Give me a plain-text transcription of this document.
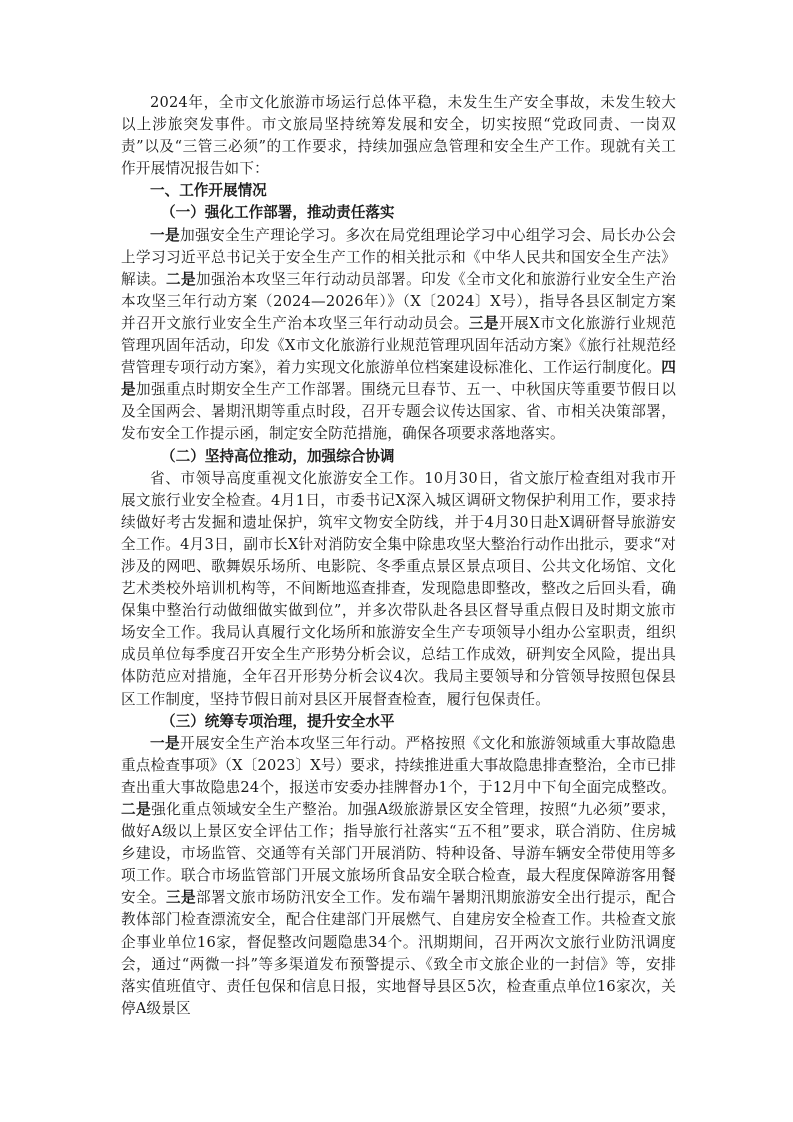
2024年，全市文化旅游市场运行总体平稳，未发生生产安全事故，未发生较大以上涉旅突发事件。市文旅局坚持统筹发展和安全，切实按照“党政同责、一岗双责”以及“三管三必须”的工作要求，持续加强应急管理和安全生产工作。现就有关工作开展情况报告如下：

一、工作开展情况

（一）强化工作部署，推动责任落实

一是加强安全生产理论学习。多次在局党组理论学习中心组学习会、局长办公会上学习习近平总书记关于安全生产工作的相关批示和《中华人民共和国安全生产法》解读。二是加强治本攻坚三年行动动员部署。印发《全市文化和旅游行业安全生产治本攻坚三年行动方案（2024—2026年）》（X〔2024〕X号），指导各县区制定方案并召开文旅行业安全生产治本攻坚三年行动动员会。三是开展X市文化旅游行业规范管理巩固年活动，印发《X市文化旅游行业规范管理巩固年活动方案》《旅行社规范经营管理专项行动方案》，着力实现文化旅游单位档案建设标准化、工作运行制度化。四是加强重点时期安全生产工作部署。围绕元旦春节、五一、中秋国庆等重要节假日以及全国两会、暑期汛期等重点时段，召开专题会议传达国家、省、市相关决策部署，发布安全工作提示函，制定安全防范措施，确保各项要求落地落实。

（二）坚持高位推动，加强综合协调

省、市领导高度重视文化旅游安全工作。10月30日，省文旅厅检查组对我市开展文旅行业安全检查。4月1日，市委书记X深入城区调研文物保护利用工作，要求持续做好考古发掘和遗址保护，筑牢文物安全防线，并于4月30日赴X调研督导旅游安全工作。4月3日，副市长X针对消防安全集中除患攻坚大整治行动作出批示，要求“对涉及的网吧、歌舞娱乐场所、电影院、冬季重点景区景点项目、公共文化场馆、文化艺术类校外培训机构等，不间断地巡查排查，发现隐患即整改，整改之后回头看，确保集中整治行动做细做实做到位”，并多次带队赴各县区督导重点假日及时期文旅市场安全工作。我局认真履行文化场所和旅游安全生产专项领导小组办公室职责，组织成员单位每季度召开安全生产形势分析会议，总结工作成效，研判安全风险，提出具体防范应对措施，全年召开形势分析会议4次。我局主要领导和分管领导按照包保县区工作制度，坚持节假日前对县区开展督查检查，履行包保责任。

（三）统筹专项治理，提升安全水平

一是开展安全生产治本攻坚三年行动。严格按照《文化和旅游领域重大事故隐患重点检查事项》（X〔2023〕X号）要求，持续推进重大事故隐患排查整治，全市已排查出重大事故隐患24个，报送市安委办挂牌督办1个，于12月中下旬全面完成整改。二是强化重点领域安全生产整治。加强A级旅游景区安全管理，按照“九必须”要求，做好A级以上景区安全评估工作；指导旅行社落实“五不租”要求，联合消防、住房城乡建设，市场监管、交通等有关部门开展消防、特种设备、导游车辆安全带使用等多项工作。联合市场监管部门开展文旅场所食品安全联合检查，最大程度保障游客用餐安全。三是部署文旅市场防汛安全工作。发布端午暑期汛期旅游安全出行提示，配合教体部门检查漂流安全，配合住建部门开展燃气、自建房安全检查工作。共检查文旅企事业单位16家，督促整改问题隐患34个。汛期期间，召开两次文旅行业防汛调度会，通过“两微一抖”等多渠道发布预警提示、《致全市文旅企业的一封信》等，安排落实值班值守、责任包保和信息日报，实地督导县区5次，检查重点单位16家次，关停A级景区
